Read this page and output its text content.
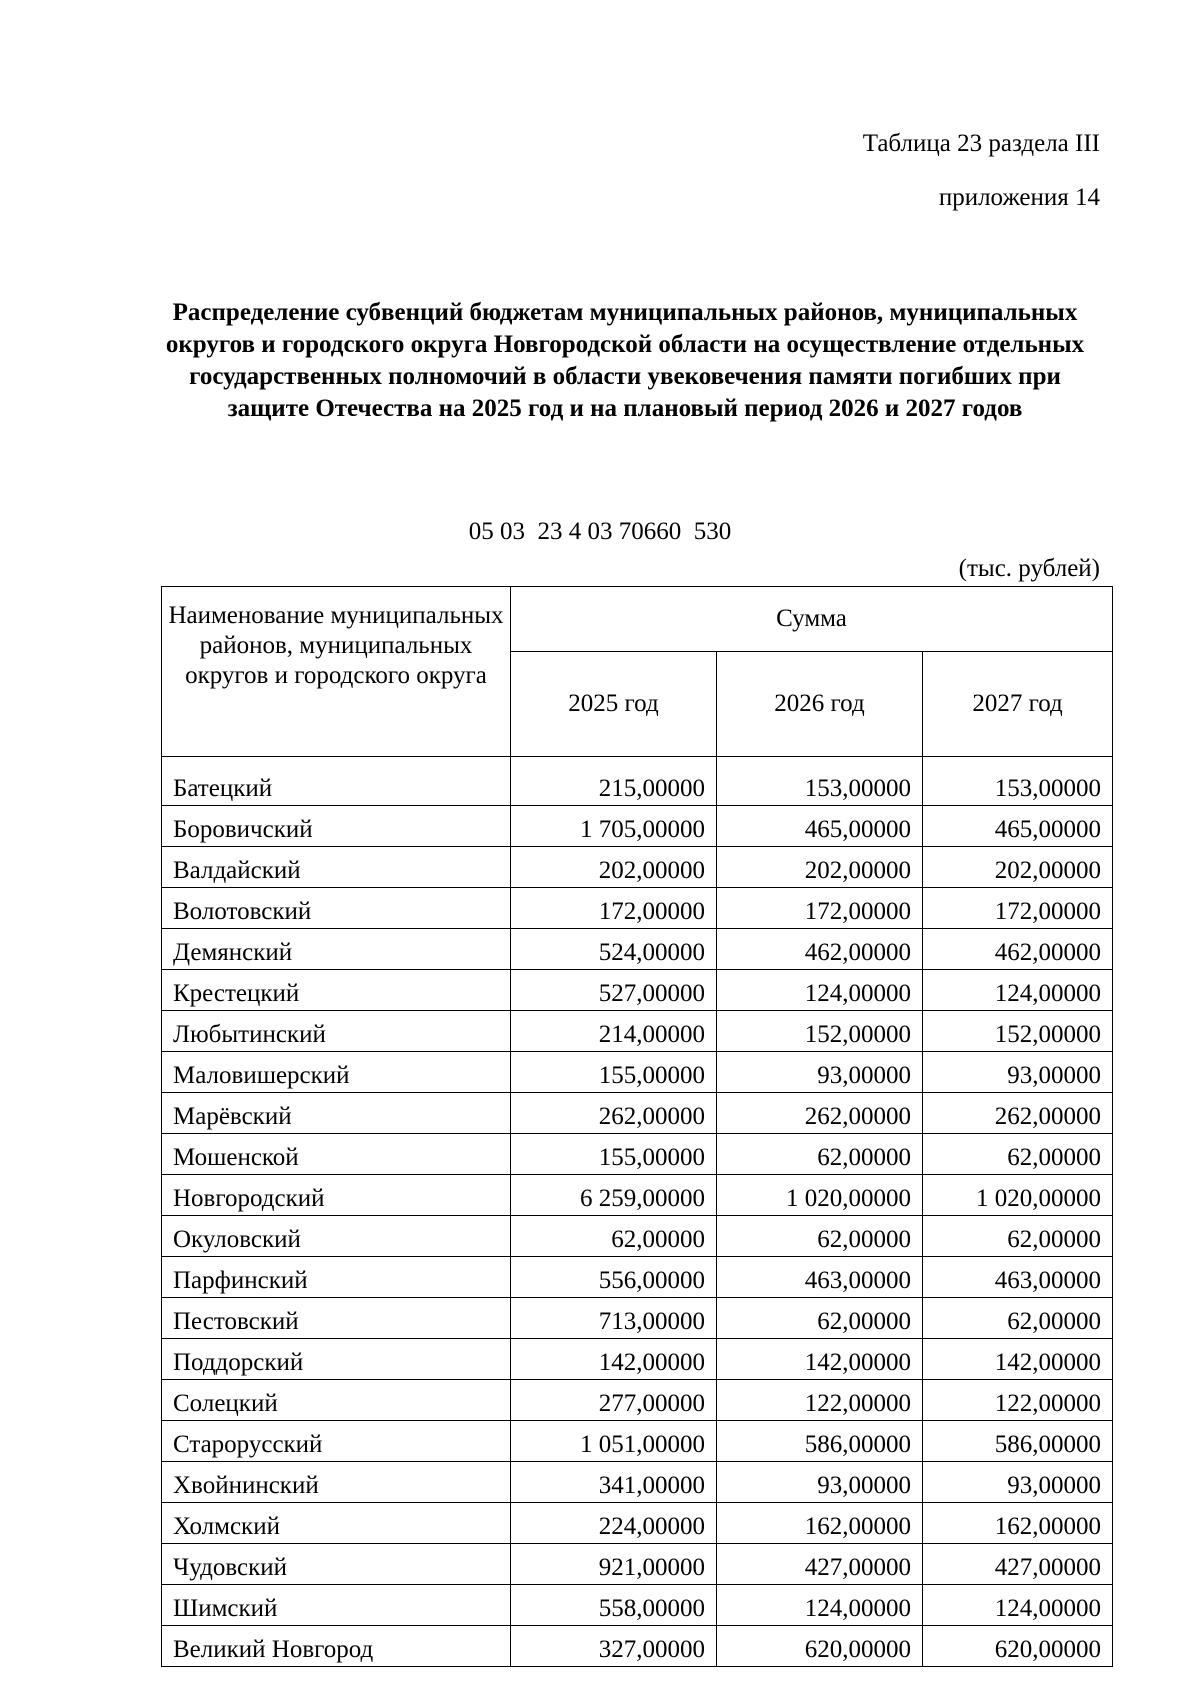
Таблица 23 раздела III
приложения 14
Распределение субвенций бюджетам муниципальных районов, муниципальных округов и городского округа Новгородской области на осуществление отдельных государственных полномочий в области увековечения памяти погибших при защите Отечества на 2025 год и на плановый период 2026 и 2027 годов
05 03  23 4 03 70660  530
(тыс. рублей)
Наименование муниципальных районов, муниципальных округов и городского округа	Сумма		
	2025 год	2026 год	2027 год
Батецкий	215,00000	153,00000	153,00000
Боровичский	1 705,00000	465,00000	465,00000
Валдайский	202,00000	202,00000	202,00000
Волотовский	172,00000	172,00000	172,00000
Демянский	524,00000	462,00000	462,00000
Крестецкий	527,00000	124,00000	124,00000
Любытинский	214,00000	152,00000	152,00000
Маловишерский	155,00000	93,00000	93,00000
Марёвский	262,00000	262,00000	262,00000
Мошенской	155,00000	62,00000	62,00000
Новгородский	6 259,00000	1 020,00000	1 020,00000
Окуловский	62,00000	62,00000	62,00000
Парфинский	556,00000	463,00000	463,00000
Пестовский	713,00000	62,00000	62,00000
Поддорский	142,00000	142,00000	142,00000
Солецкий	277,00000	122,00000	122,00000
Старорусский	1 051,00000	586,00000	586,00000
Хвойнинский	341,00000	93,00000	93,00000
Холмский	224,00000	162,00000	162,00000
Чудовский	921,00000	427,00000	427,00000
Шимский	558,00000	124,00000	124,00000
Великий Новгород	327,00000	620,00000	620,00000
